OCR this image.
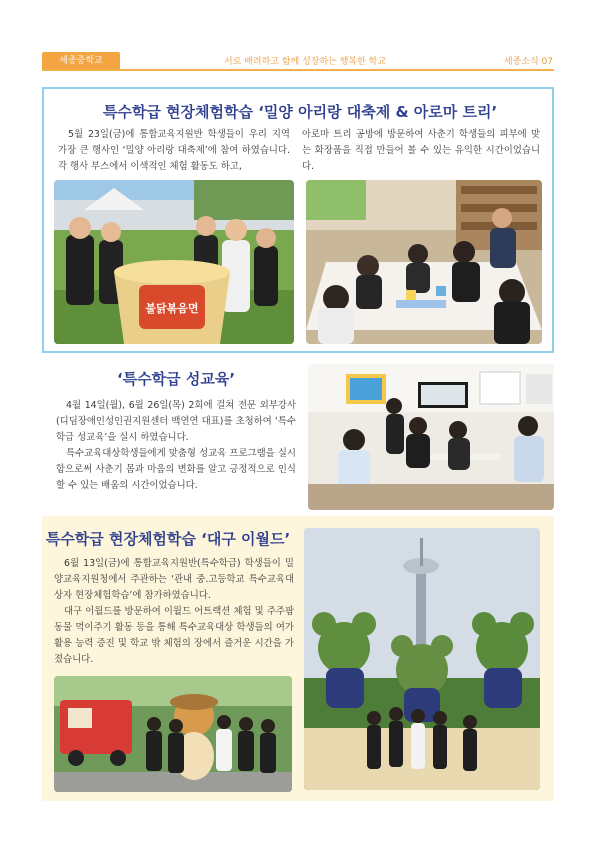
세종중학교	서로 배려하고 함께 성장하는 행복한 학교	세종소식 07
특수학급 현장체험학습 ‘밀양 아리랑 대축제 & 아로마 트리’
5월 23일(금)에 통합교육지원반 학생들이 우리 지역 가장 큰 행사인 ‘밀양 아리랑 대축제’에 참여 하였습니다. 각 행사 부스에서 이색적인 체험 활동도 하고,
아로마 트리 공방에 방문하여 사춘기 학생들의 피부에 맞는 화장품을 직접 만들어 볼 수 있는 유익한 시간이었습니다.
불닭볶음면
‘특수학급 성교육’
4월 14일(월), 6월 26일(목) 2회에 걸쳐 전문 외부강사(디딤장애인성인권지원센터 백연연 대표)를 초청하여 ‘특수학급 성교육’을 실시 하였습니다.
특수교육대상학생들에게 맞춤형 성교육 프로그램을 실시함으로써 사춘기 몸과 마음의 변화를 알고 긍정적으로 인식할 수 있는 배움의 시간이었습니다.
특수학급 현장체험학습 ‘대구 이월드’
6월 13일(금)에 통합교육지원반(특수학급) 학생들이 밀양교육지원청에서 주관하는 ‘관내 중.고등학교 특수교육대상자 현장체험학습’에 참가하였습니다.
대구 이월드를 방문하여 이월드 어트랙션 체험 및 주주팜 동물 먹이주기 활동 등을 통해 특수교육대상 학생들의 여가 활용 능력 증진 및 학교 밖 체험의 장에서 즐거운 시간을 가졌습니다.
